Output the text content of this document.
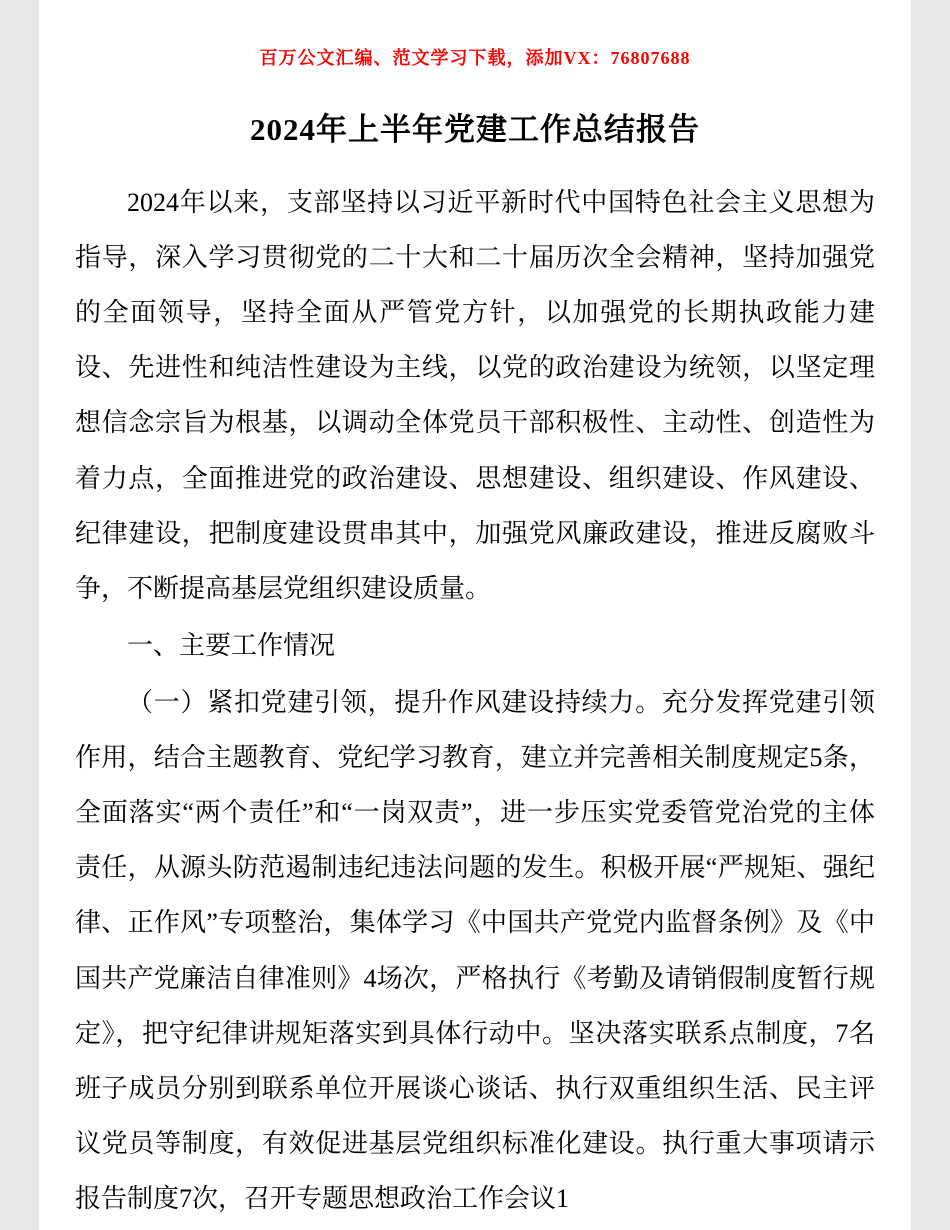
百万公文汇编、范文学习下载，添加VX：76807688
2024年上半年党建工作总结报告

2024年以来，支部坚持以习近平新时代中国特色社会主义思想为指导，深入学习贯彻党的二十大和二十届历次全会精神，坚持加强党的全面领导，坚持全面从严管党方针，以加强党的长期执政能力建设、先进性和纯洁性建设为主线，以党的政治建设为统领，以坚定理想信念宗旨为根基，以调动全体党员干部积极性、主动性、创造性为着力点，全面推进党的政治建设、思想建设、组织建设、作风建设、纪律建设，把制度建设贯串其中，加强党风廉政建设，推进反腐败斗争，不断提高基层党组织建设质量。

一、主要工作情况

（一）紧扣党建引领，提升作风建设持续力。充分发挥党建引领作用，结合主题教育、党纪学习教育，建立并完善相关制度规定5条，全面落实“两个责任”和“一岗双责”，进一步压实党委管党治党的主体责任，从源头防范遏制违纪违法问题的发生。积极开展“严规矩、强纪律、正作风”专项整治，集体学习《中国共产党党内监督条例》及《中国共产党廉洁自律准则》4场次，严格执行《考勤及请销假制度暂行规定》，把守纪律讲规矩落实到具体行动中。坚决落实联系点制度，7名班子成员分别到联系单位开展谈心谈话、执行双重组织生活、民主评议党员等制度，有效促进基层党组织标准化建设。执行重大事项请示报告制度7次，召开专题思想政治工作会议1
